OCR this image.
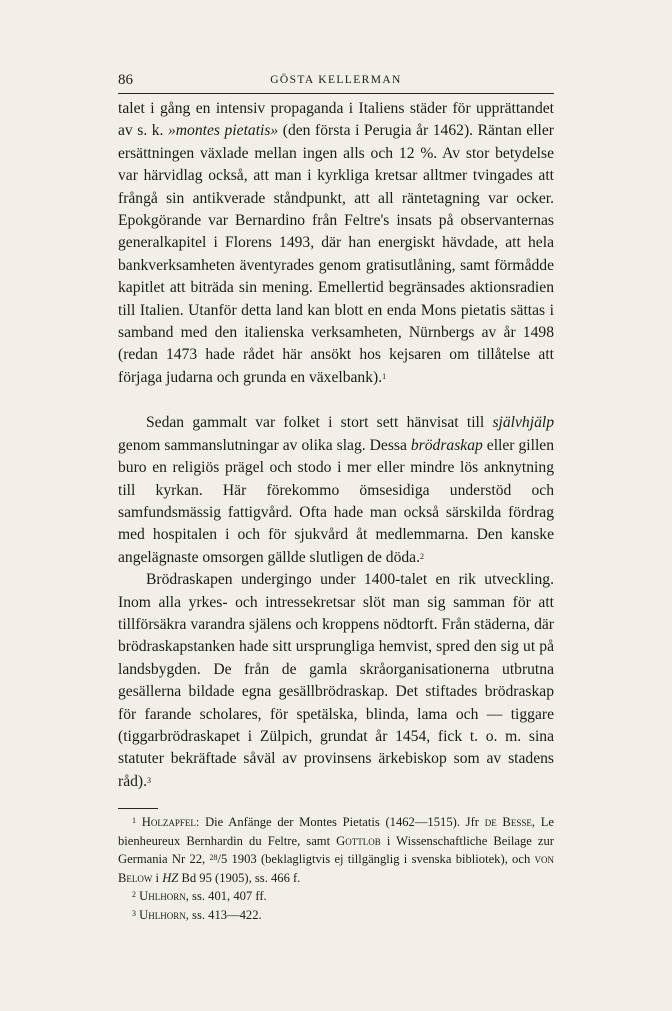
86	GÖSTA KELLERMAN

talet i gång en intensiv propaganda i Italiens städer för upprättandet av s. k. »montes pietatis» (den första i Perugia år 1462). Räntan eller ersättningen växlade mellan ingen alls och 12 %. Av stor betydelse var härvidlag också, att man i kyrkliga kretsar alltmer tvingades att frångå sin antikverade ståndpunkt, att all räntetagning var ocker. Epokgörande var Bernardino från Feltre's insats på observanternas generalkapitel i Florens 1493, där han energiskt hävdade, att hela bankverksamheten äventyrades genom gratisutlåning, samt förmådde kapitlet att biträda sin mening. Emellertid begränsades aktionsradien till Italien. Utanför detta land kan blott en enda Mons pietatis sättas i samband med den italienska verksamheten, Nürnbergs av år 1498 (redan 1473 hade rådet här ansökt hos kejsaren om tillåtelse att förjaga judarna och grunda en växelbank).$^1$

Sedan gammalt var folket i stort sett hänvisat till självhjälp genom sammanslutningar av olika slag. Dessa brödraskap eller gillen buro en religiös prägel och stodo i mer eller mindre lös anknytning till kyrkan. Här förekommo ömsesidiga understöd och samfundsmässig fattigvård. Ofta hade man också särskilda fördrag med hospitalen i och för sjukvård åt medlemmarna. Den kanske angelägnaste omsorgen gällde slutligen de döda.$^2$

Brödraskapen undergingo under 1400-talet en rik utveckling. Inom alla yrkes- och intressekretsar slöt man sig samman för att tillförsäkra varandra själens och kroppens nödtorft. Från städerna, där brödraskapstanken hade sitt ursprungliga hemvist, spred den sig ut på landsbygden. De från de gamla skråorganisationerna utbrutna gesällerna bildade egna gesällbrödraskap. Det stiftades brödraskap för farande scholares, för spetälska, blinda, lama och — tiggare (tiggarbrödraskapet i Zülpich, grundat år 1454, fick t. o. m. sina statuter bekräftade såväl av provinsens ärkebiskop som av stadens råd).$^3$

$^1$ Holzapfel: Die Anfänge der Montes Pietatis (1462—1515). Jfr de Besse, Le bienheureux Bernhardin du Feltre, samt Gottlob i Wissenschaftliche Beilage zur Germania Nr 22, $^{28}$/5 1903 (beklagligtvis ej tillgänglig i svenska bibliotek), och von Below i HZ Bd 95 (1905), ss. 466 f.

$^2$ Uhlhorn, ss. 401, 407 ff.

$^3$ Uhlhorn, ss. 413—422.
